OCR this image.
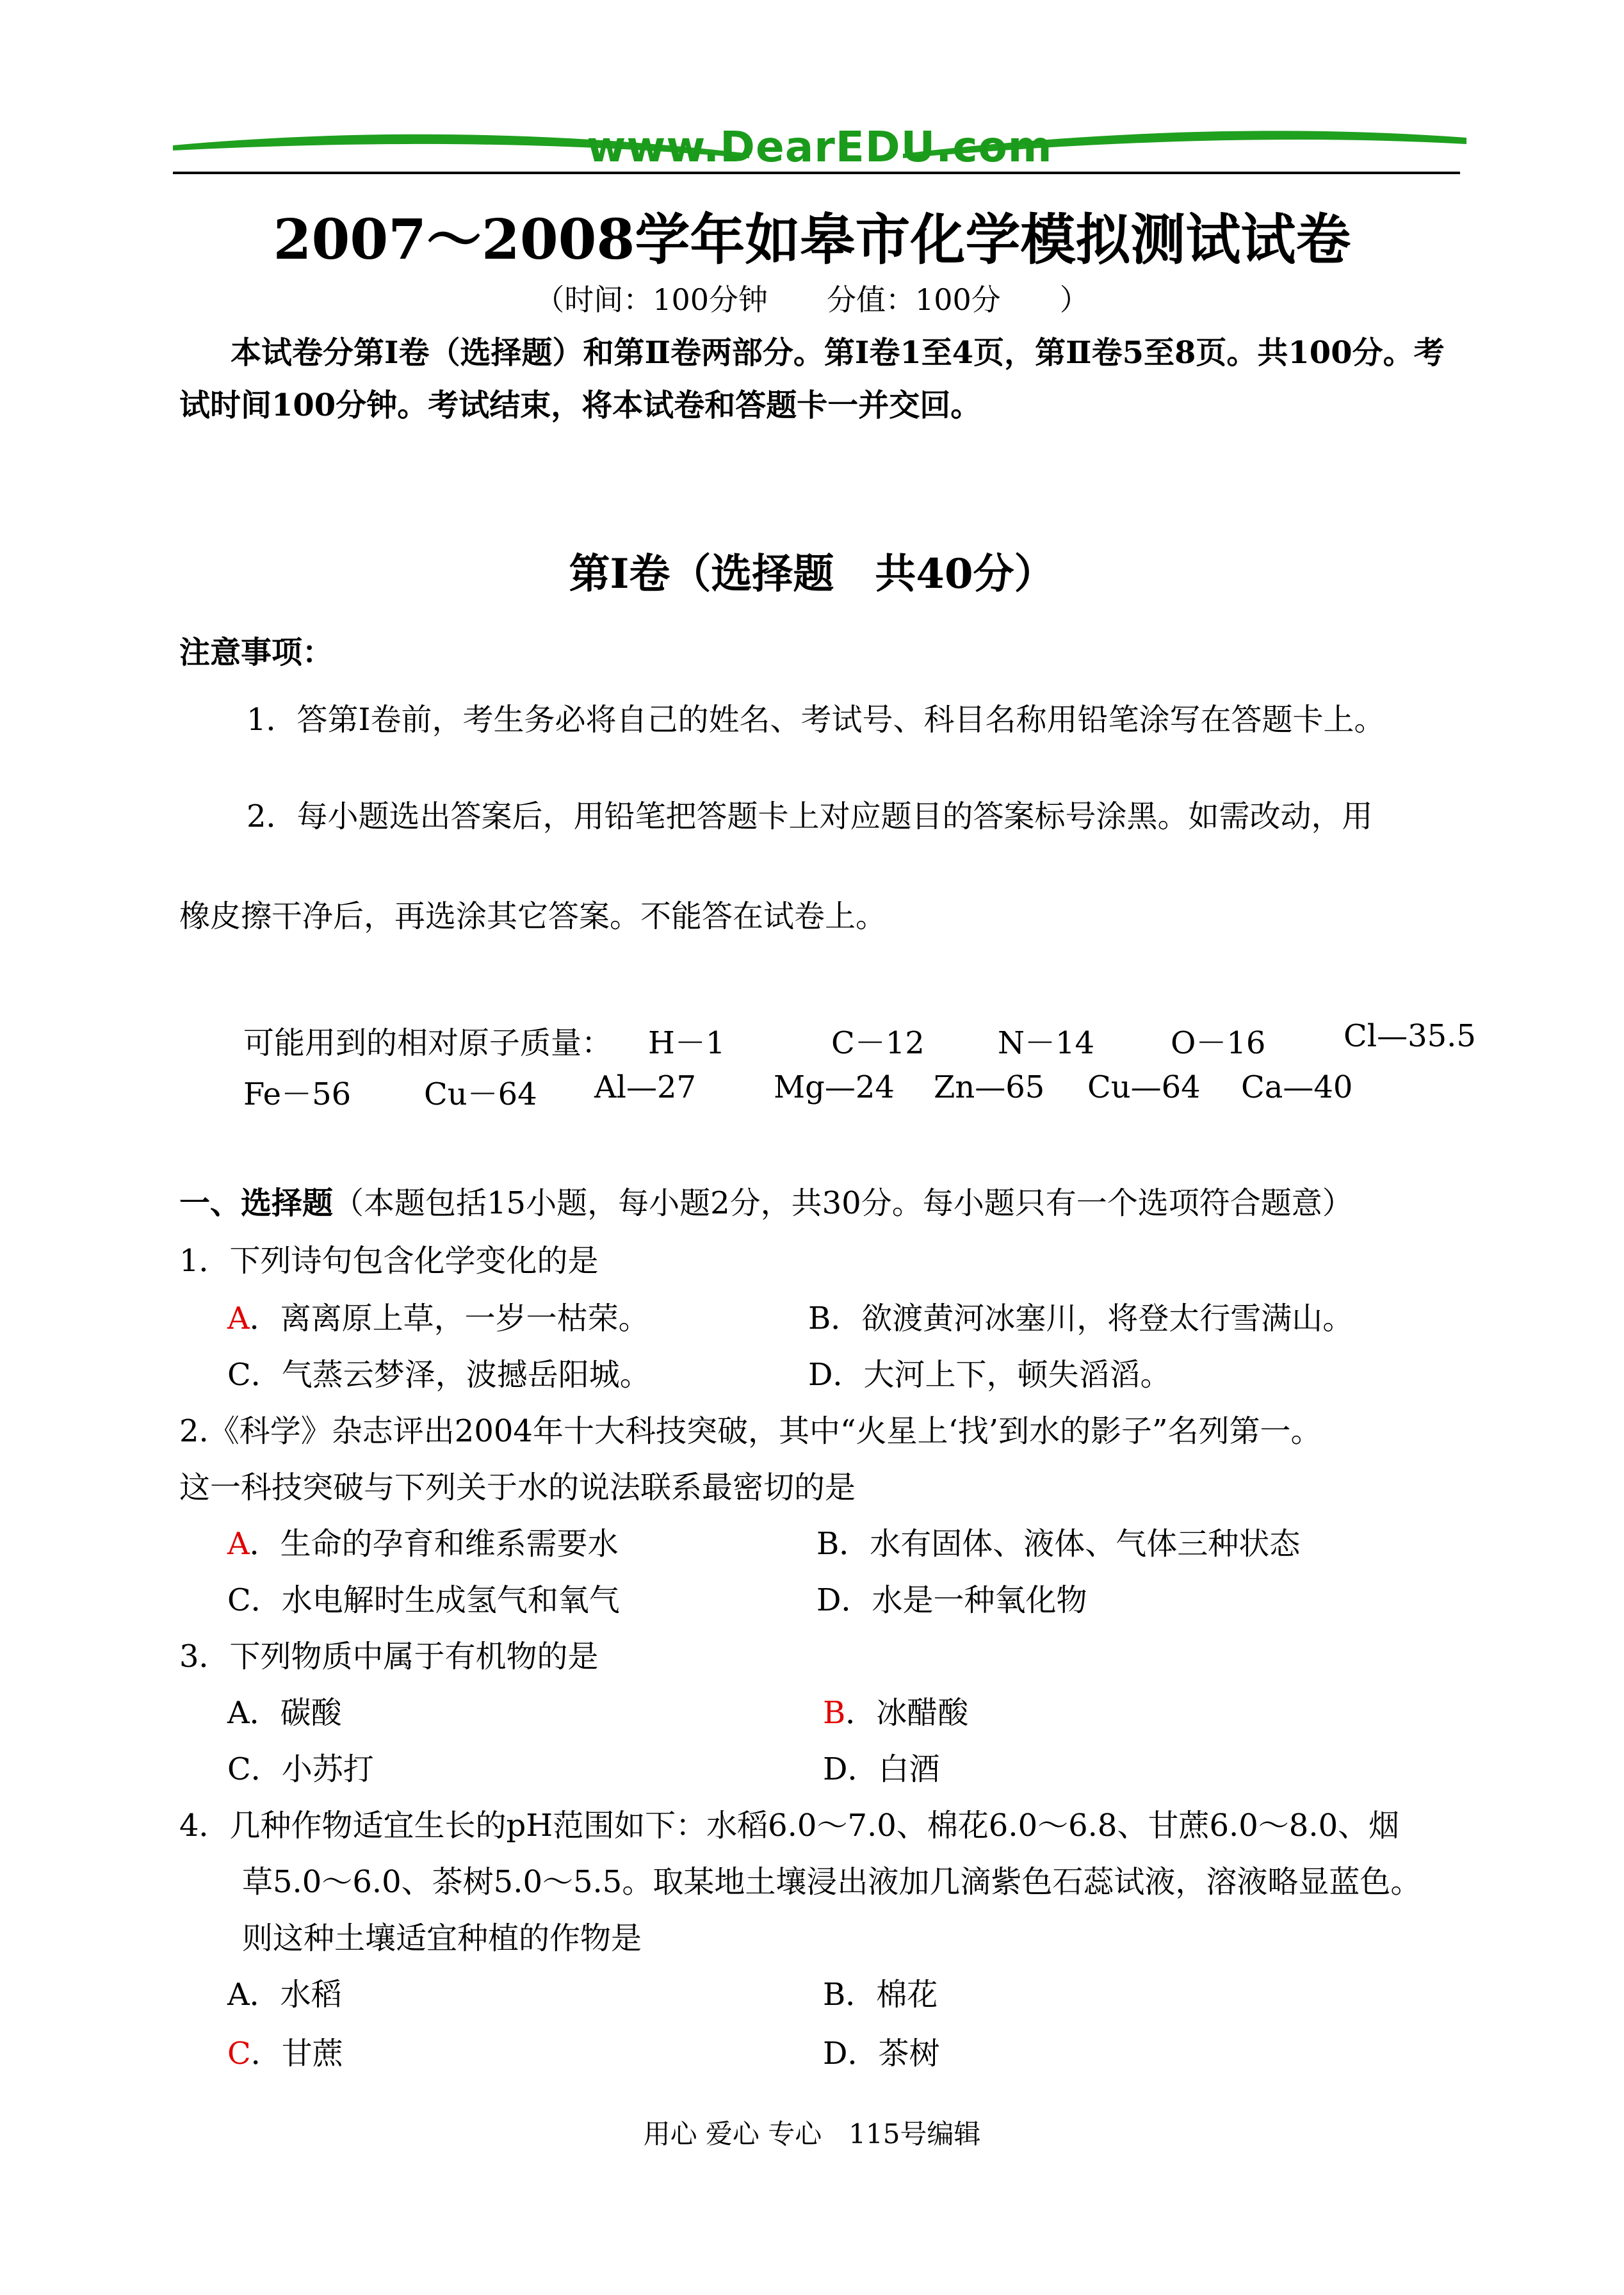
www.DearEDU.com
2007～2008学年如皋市化学模拟测试试卷
（时间：100分钟　　分值：100分　　）
本试卷分第Ⅰ卷（选择题）和第Ⅱ卷两部分。第Ⅰ卷1至4页，第Ⅱ卷5至8页。共100分。考试时间100分钟。考试结束，将本试卷和答题卡一并交回。
第Ⅰ卷（选择题　共40分）
注意事项：
1．答第Ⅰ卷前，考生务必将自己的姓名、考试号、科目名称用铅笔涂写在答题卡上。
2．每小题选出答案后，用铅笔把答题卡上对应题目的答案标号涂黑。如需改动，用
橡皮擦干净后，再选涂其它答案。不能答在试卷上。
可能用到的相对原子质量： H－1	C－12 N－14 O－16	Cl—35.5
Fe－56 Cu－64 Al—27	Mg—24 Zn—65 Cu—64 Ca—40
一、选择题（本题包括15小题，每小题2分，共30分。每小题只有一个选项符合题意）
1．下列诗句包含化学变化的是
A．离离原上草，一岁一枯荣。	B．欲渡黄河冰塞川，将登太行雪满山。
C．气蒸云梦泽，波撼岳阳城。	D．大河上下，顿失滔滔。
2.《科学》杂志评出2004年十大科技突破，其中“火星上‘找’到水的影子”名列第一。
这一科技突破与下列关于水的说法联系最密切的是
A．生命的孕育和维系需要水	B．水有固体、液体、气体三种状态
C．水电解时生成氢气和氧气	D．水是一种氧化物
3．下列物质中属于有机物的是
A．碳酸	B．冰醋酸
C．小苏打	D．白酒
4．几种作物适宜生长的pH范围如下：水稻6.0～7.0、棉花6.0～6.8、甘蔗6.0～8.0、烟
草5.0～6.0、茶树5.0～5.5。取某地土壤浸出液加几滴紫色石蕊试液，溶液略显蓝色。
则这种土壤适宜种植的作物是
A．水稻	B．棉花
C．甘蔗	D．茶树
用心 爱心 专心　115号编辑
